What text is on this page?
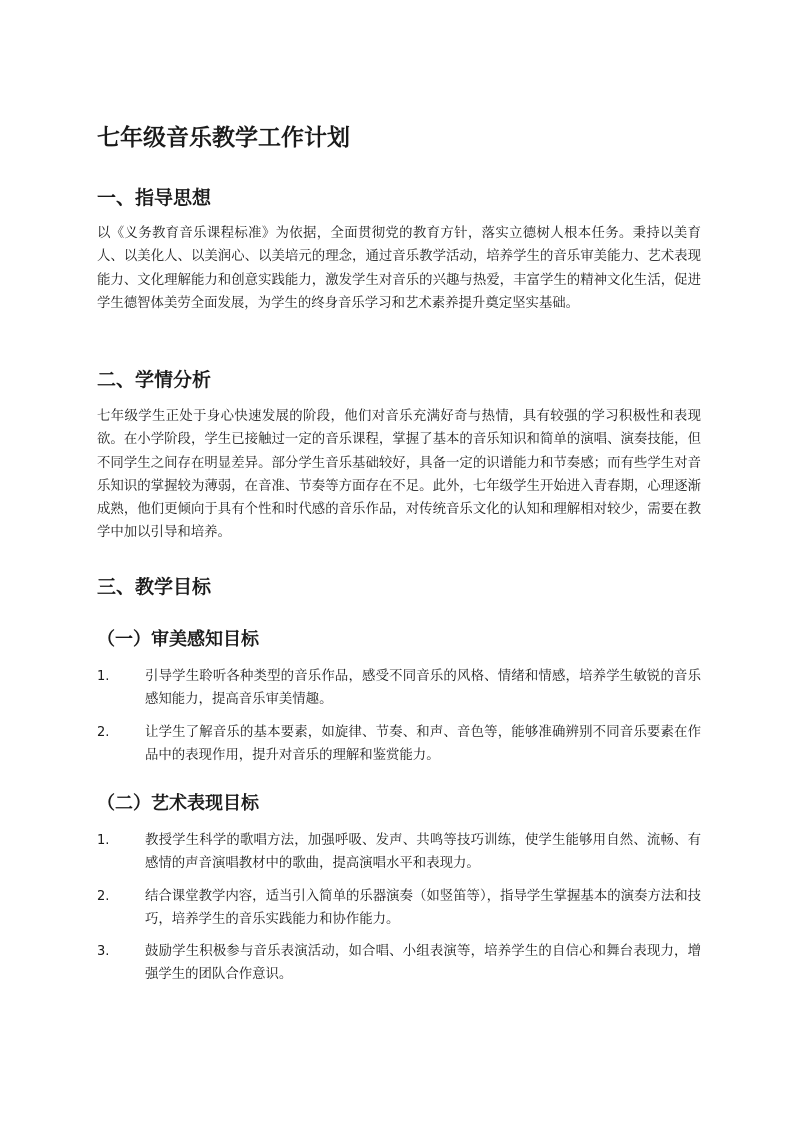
七年级音乐教学工作计划
一、指导思想

以《义务教育音乐课程标准》为依据，全面贯彻党的教育方针，落实立德树人根本任务。秉持以美育人、以美化人、以美润心、以美培元的理念，通过音乐教学活动，培养学生的音乐审美能力、艺术表现能力、文化理解能力和创意实践能力，激发学生对音乐的兴趣与热爱，丰富学生的精神文化生活，促进学生德智体美劳全面发展，为学生的终身音乐学习和艺术素养提升奠定坚实基础。

二、学情分析

七年级学生正处于身心快速发展的阶段，他们对音乐充满好奇与热情，具有较强的学习积极性和表现欲。在小学阶段，学生已接触过一定的音乐课程，掌握了基本的音乐知识和简单的演唱、演奏技能，但不同学生之间存在明显差异。部分学生音乐基础较好，具备一定的识谱能力和节奏感；而有些学生对音乐知识的掌握较为薄弱，在音准、节奏等方面存在不足。此外，七年级学生开始进入青春期，心理逐渐成熟，他们更倾向于具有个性和时代感的音乐作品，对传统音乐文化的认知和理解相对较少，需要在教学中加以引导和培养。

三、教学目标
（一）审美感知目标
1.	引导学生聆听各种类型的音乐作品，感受不同音乐的风格、情绪和情感，培养学生敏锐的音乐感知能力，提高音乐审美情趣。
2.	让学生了解音乐的基本要素，如旋律、节奏、和声、音色等，能够准确辨别不同音乐要素在作品中的表现作用，提升对音乐的理解和鉴赏能力。
（二）艺术表现目标
1.	教授学生科学的歌唱方法，加强呼吸、发声、共鸣等技巧训练，使学生能够用自然、流畅、有感情的声音演唱教材中的歌曲，提高演唱水平和表现力。
2.	结合课堂教学内容，适当引入简单的乐器演奏（如竖笛等），指导学生掌握基本的演奏方法和技巧，培养学生的音乐实践能力和协作能力。
3.	鼓励学生积极参与音乐表演活动，如合唱、小组表演等，培养学生的自信心和舞台表现力，增强学生的团队合作意识。
